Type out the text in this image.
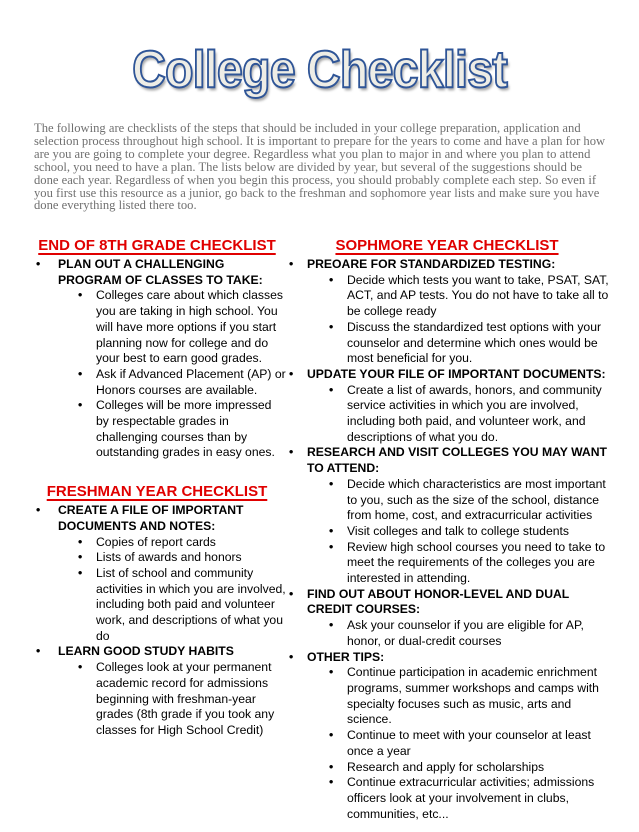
College Checklist

The following are checklists of the steps that should be included in your college preparation, application and selection process throughout high school. It is important to prepare for the years to come and have a plan for how are you are going to complete your degree. Regardless what you plan to major in and where you plan to attend school, you need to have a plan. The lists below are divided by year, but several of the suggestions should be done each year. Regardless of when you begin this process, you should probably complete each step. So even if you first use this resource as a junior, go back to the freshman and sophomore year lists and make sure you have done everything listed there too.

END OF 8TH GRADE CHECKLIST
• PLAN OUT A CHALLENGING PROGRAM OF CLASSES TO TAKE:
• Colleges care about which classes you are taking in high school. You will have more options if you start planning now for college and do your best to earn good grades.
• Ask if Advanced Placement (AP) or Honors courses are available.
• Colleges will be more impressed by respectable grades in challenging courses than by outstanding grades in easy ones.
FRESHMAN YEAR CHECKLIST
• CREATE A FILE OF IMPORTANT DOCUMENTS AND NOTES:
• Copies of report cards
• Lists of awards and honors
• List of school and community activities in which you are involved, including both paid and volunteer work, and descriptions of what you do
• LEARN GOOD STUDY HABITS
• Colleges look at your permanent academic record for admissions beginning with freshman-year grades (8th grade if you took any classes for High School Credit)
SOPHMORE YEAR CHECKLIST
• PREOARE FOR STANDARDIZED TESTING:
• Decide which tests you want to take, PSAT, SAT, ACT, and AP tests. You do not have to take all to be college ready
• Discuss the standardized test options with your counselor and determine which ones would be most beneficial for you.
• UPDATE YOUR FILE OF IMPORTANT DOCUMENTS:
• Create a list of awards, honors, and community service activities in which you are involved, including both paid, and volunteer work, and descriptions of what you do.
• RESEARCH AND VISIT COLLEGES YOU MAY WANT TO ATTEND:
• Decide which characteristics are most important to you, such as the size of the school, distance from home, cost, and extracurricular activities
• Visit colleges and talk to college students
• Review high school courses you need to take to meet the requirements of the colleges you are interested in attending.
• FIND OUT ABOUT HONOR-LEVEL AND DUAL CREDIT COURSES:
• Ask your counselor if you are eligible for AP, honor, or dual-credit courses
• OTHER TIPS:
• Continue participation in academic enrichment programs, summer workshops and camps with specialty focuses such as music, arts and science.
• Continue to meet with your counselor at least once a year
• Research and apply for scholarships
• Continue extracurricular activities; admissions officers look at your involvement in clubs, communities, etc...
